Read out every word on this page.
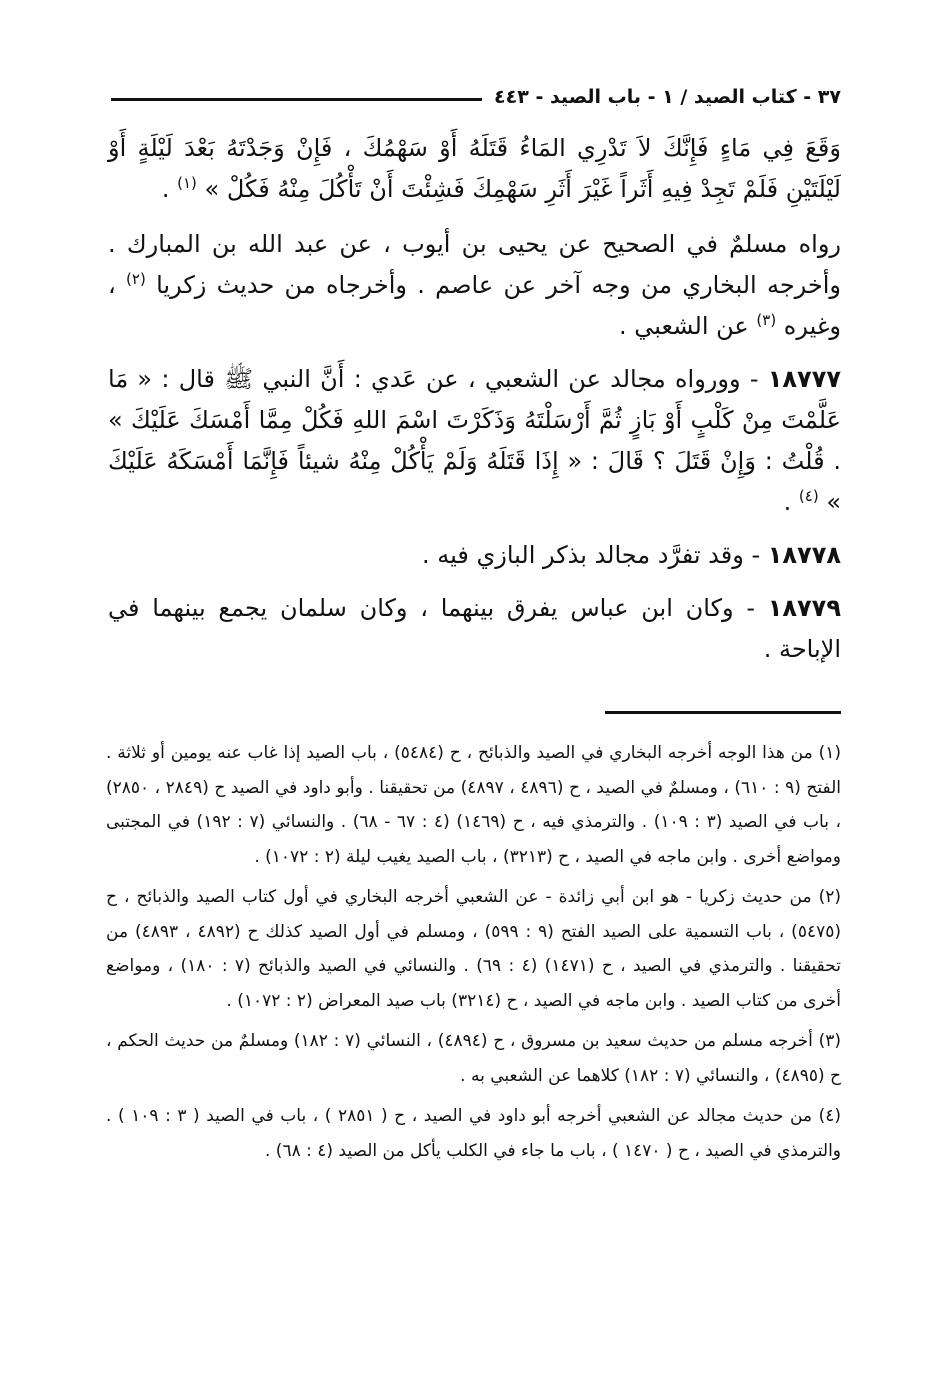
٣٧ - كتاب الصيد / ١ - باب الصيد - ٤٤٣

وَقَعَ فِي مَاءٍ فَإِنَّكَ لاَ تَدْرِي المَاءُ قَتَلَهُ أَوْ سَهْمُكَ ، فَإِنْ وَجَدْتَهُ بَعْدَ لَيْلَةٍ أَوْ لَيْلَتَيْنِ فَلَمْ تَجِدْ فِيهِ أَثَراً غَيْرَ أَثَرِ سَهْمِكَ فَشِئْتَ أَنْ تَأْكُلَ مِنْهُ فَكُلْ » $^{(١)}$ .

رواه مسلمٌ في الصحيح عن يحيى بن أيوب ، عن عبد الله بن المبارك . وأخرجه البخاري من وجه آخر عن عاصم . وأخرجاه من حديث زكريا $^{(٢)}$ ، وغيره $^{(٣)}$ عن الشعبي .

١٨٧٧٧ - وورواه مجالد عن الشعبي ، عن عَدي : أَنَّ النبي ﷺ قال : « مَا عَلَّمْتَ مِنْ كَلْبٍ أَوْ بَازٍ ثُمَّ أَرْسَلْتَهُ وَذَكَرْتَ اسْمَ اللهِ فَكُلْ مِمَّا أَمْسَكَ عَلَيْكَ » . قُلْتُ : وَإِنْ قَتَلَ ؟ قَالَ : « إِذَا قَتَلَهُ وَلَمْ يَأْكُلْ مِنْهُ شيئاً فَإِنَّمَا أَمْسَكَهُ عَلَيْكَ » $^{(٤)}$ .

١٨٧٧٨ - وقد تفرَّد مجالد بذكر البازي فيه .

١٨٧٧٩ - وكان ابن عباس يفرق بينهما ، وكان سلمان يجمع بينهما في الإباحة .

(١) من هذا الوجه أخرجه البخاري في الصيد والذبائح ، ح (٥٤٨٤) ، باب الصيد إذا غاب عنه يومين أو ثلاثة . الفتح (٩ : ٦١٠) ، ومسلمٌ في الصيد ، ح (٤٨٩٦ ، ٤٨٩٧) من تحقيقنا . وأبو داود في الصيد ح (٢٨٤٩ ، ٢٨٥٠) ، باب في الصيد (٣ : ١٠٩) . والترمذي فيه ، ح (١٤٦٩) (٤ : ٦٧ - ٦٨) . والنسائي (٧ : ١٩٢) في المجتبى ومواضع أخرى . وابن ماجه في الصيد ، ح (٣٢١٣) ، باب الصيد يغيب ليلة (٢ : ١٠٧٢) .

(٢) من حديث زكريا - هو ابن أبي زائدة - عن الشعبي أخرجه البخاري في أول كتاب الصيد والذبائح ، ح (٥٤٧٥) ، باب التسمية على الصيد الفتح (٩ : ٥٩٩) ، ومسلم في أول الصيد كذلك ح (٤٨٩٢ ، ٤٨٩٣) من تحقيقنا . والترمذي في الصيد ، ح (١٤٧١) (٤ : ٦٩) . والنسائي في الصيد والذبائح (٧ : ١٨٠) ، ومواضع أخرى من كتاب الصيد . وابن ماجه في الصيد ، ح (٣٢١٤) باب صيد المعراض (٢ : ١٠٧٢) .

(٣) أخرجه مسلم من حديث سعيد بن مسروق ، ح (٤٨٩٤) ، النسائي (٧ : ١٨٢) ومسلمٌ من حديث الحكم ، ح (٤٨٩٥) ، والنسائي (٧ : ١٨٢) كلاهما عن الشعبي به .

(٤) من حديث مجالد عن الشعبي أخرجه أبو داود في الصيد ، ح ( ٢٨٥١ ) ، باب في الصيد ( ٣ : ١٠٩ ) . والترمذي في الصيد ، ح ( ١٤٧٠ ) ، باب ما جاء في الكلب يأكل من الصيد (٤ : ٦٨) .
